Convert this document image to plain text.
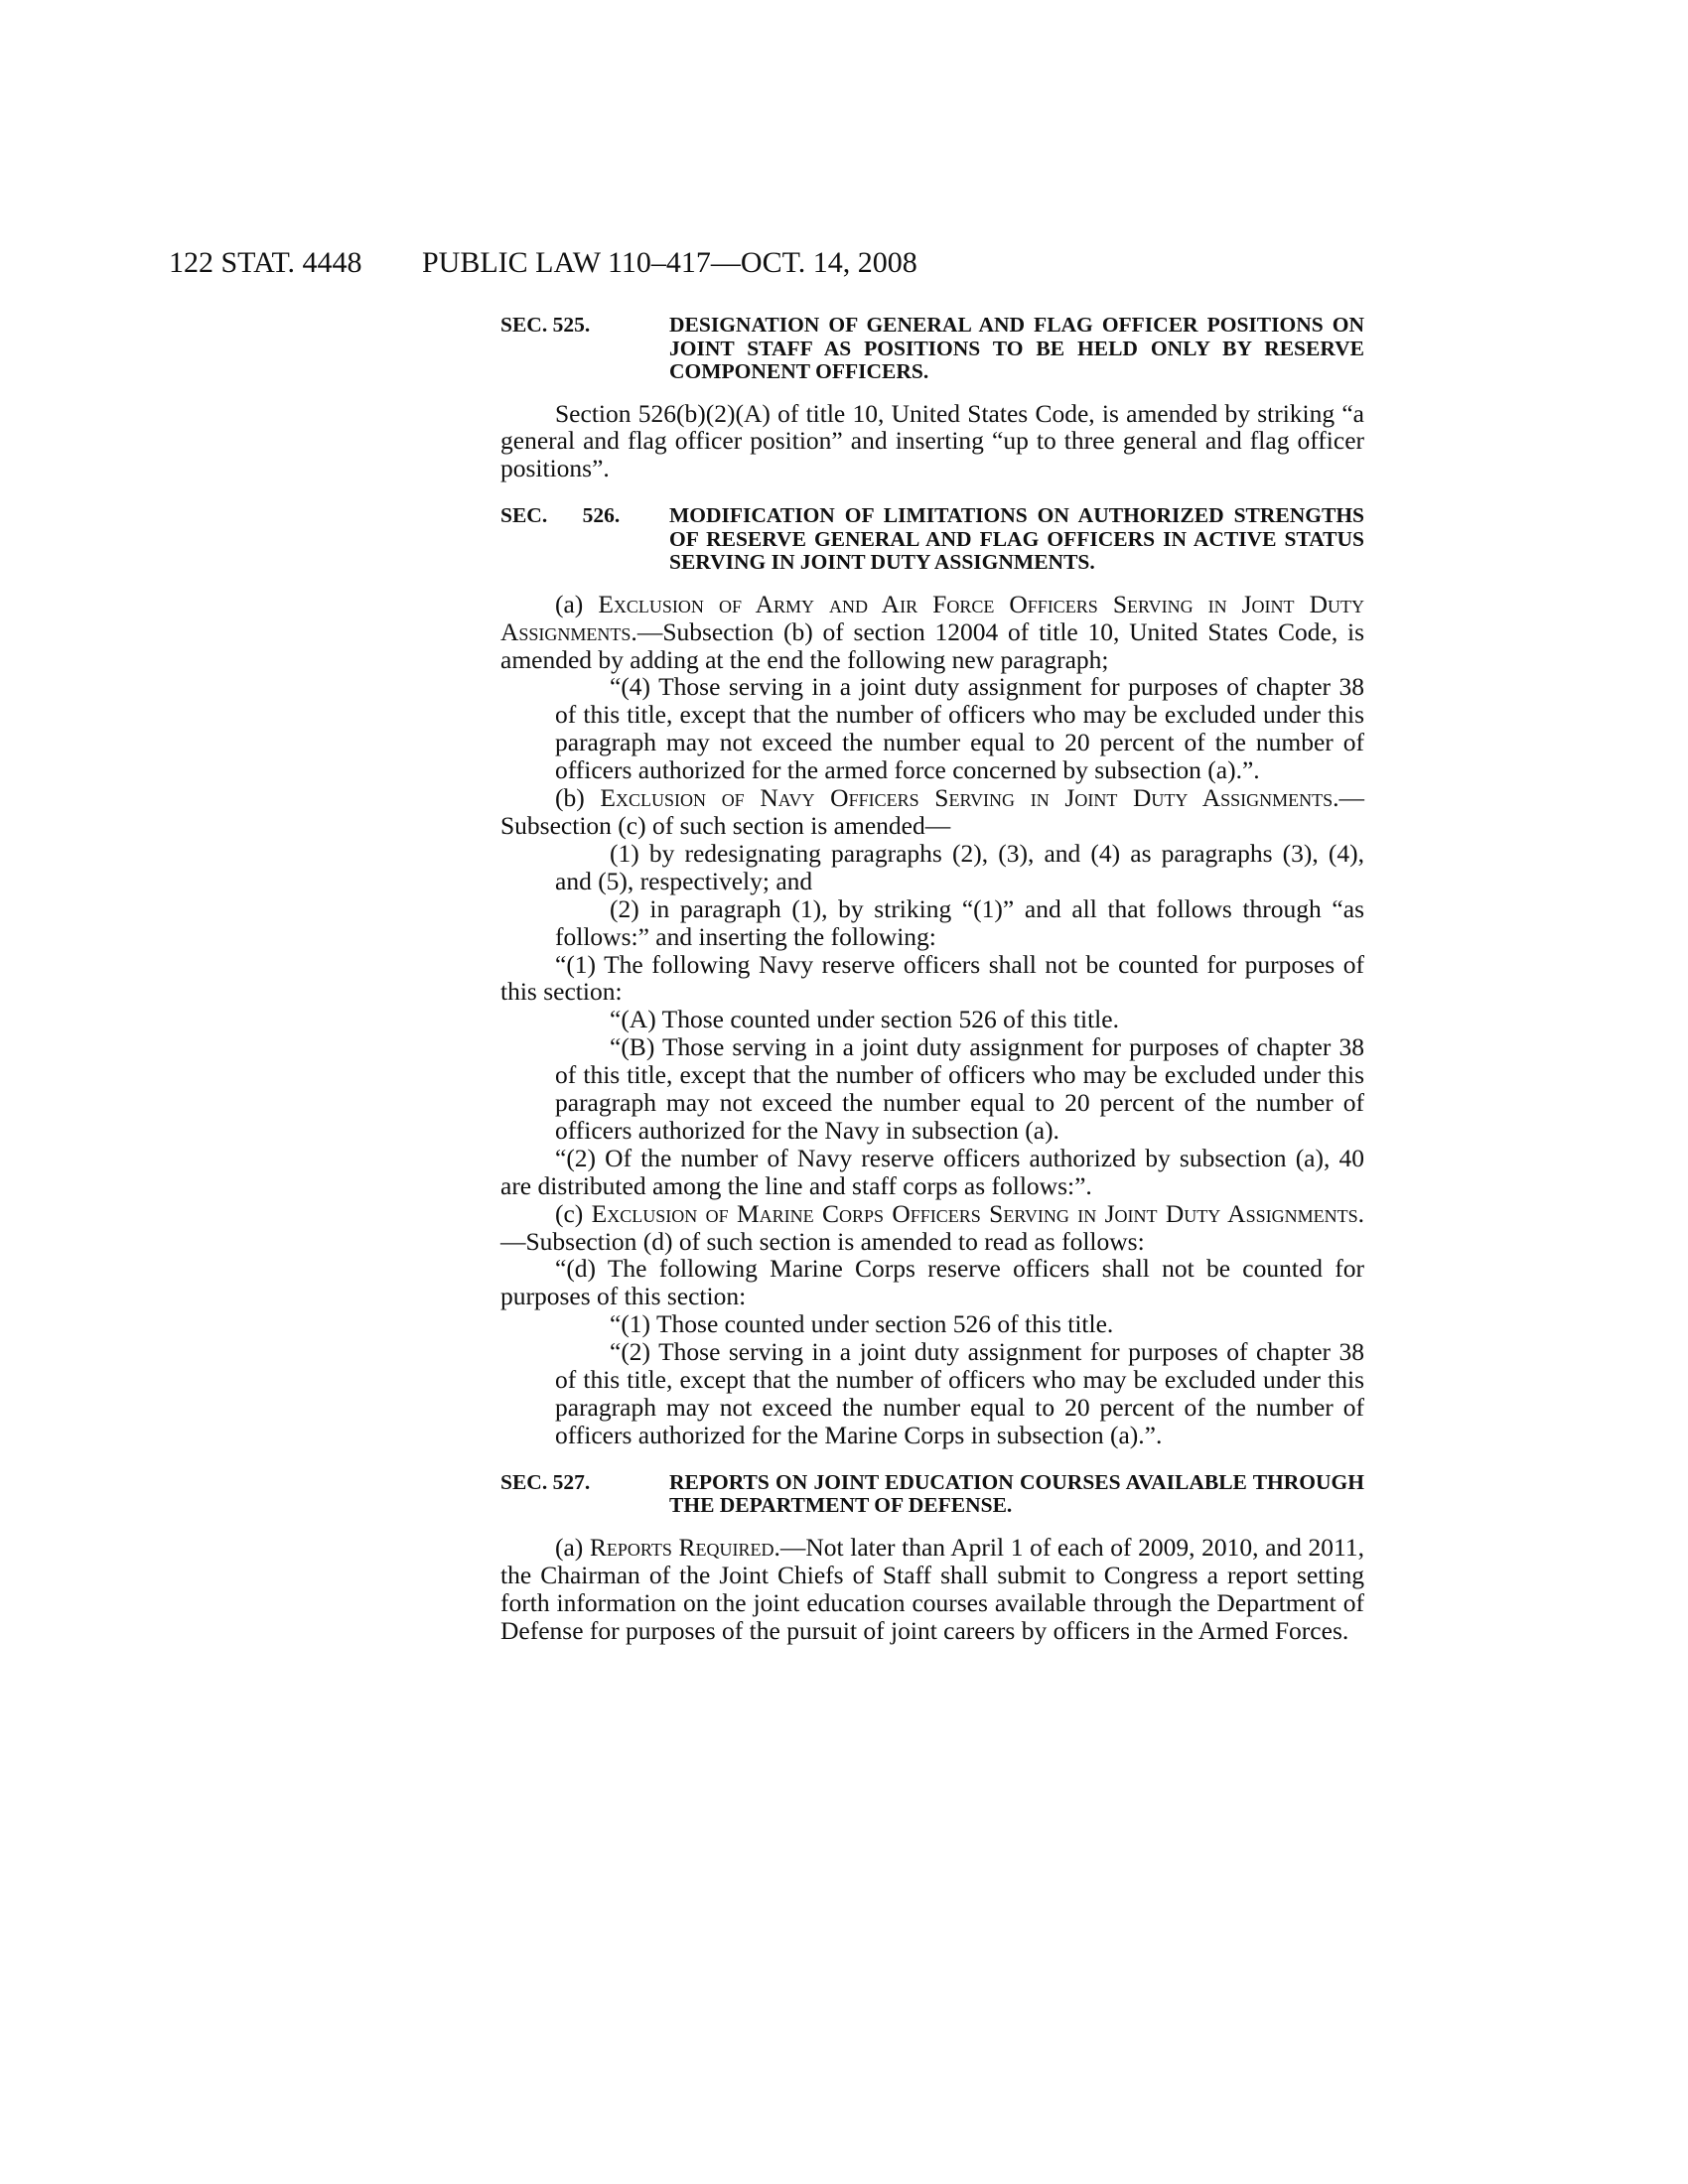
122 STAT. 4448 PUBLIC LAW 110–417—OCT. 14, 2008
SEC. 525.	DESIGNATION OF GENERAL AND FLAG OFFICER POSITIONS ON JOINT STAFF AS POSITIONS TO BE HELD ONLY BY RESERVE COMPONENT OFFICERS.

Section 526(b)(2)(A) of title 10, United States Code, is amended by striking “a general and flag officer position” and inserting “up to three general and flag officer positions”.

SEC. 526. MODIFICATION OF LIMITATIONS ON AUTHORIZED STRENGTHS OF RESERVE GENERAL AND FLAG OFFICERS IN ACTIVE STATUS SERVING IN JOINT DUTY ASSIGNMENTS.

(a) Exclusion of Army and Air Force Officers Serving in Joint Duty Assignments.—Subsection (b) of section 12004 of title 10, United States Code, is amended by adding at the end the following new paragraph;

“(4) Those serving in a joint duty assignment for purposes of chapter 38 of this title, except that the number of officers who may be excluded under this paragraph may not exceed the number equal to 20 percent of the number of officers authorized for the armed force concerned by subsection (a).”.

(b) Exclusion of Navy Officers Serving in Joint Duty Assignments.—Subsection (c) of such section is amended—

(1) by redesignating paragraphs (2), (3), and (4) as paragraphs (3), (4), and (5), respectively; and

(2) in paragraph (1), by striking “(1)” and all that follows through “as follows:” and inserting the following:

“(1) The following Navy reserve officers shall not be counted for purposes of this section:

“(A) Those counted under section 526 of this title.

“(B) Those serving in a joint duty assignment for purposes of chapter 38 of this title, except that the number of officers who may be excluded under this paragraph may not exceed the number equal to 20 percent of the number of officers authorized for the Navy in subsection (a).

“(2) Of the number of Navy reserve officers authorized by subsection (a), 40 are distributed among the line and staff corps as follows:”.

(c) Exclusion of Marine Corps Officers Serving in Joint Duty Assignments.—Subsection (d) of such section is amended to read as follows:

“(d) The following Marine Corps reserve officers shall not be counted for purposes of this section:

“(1) Those counted under section 526 of this title.

“(2) Those serving in a joint duty assignment for purposes of chapter 38 of this title, except that the number of officers who may be excluded under this paragraph may not exceed the number equal to 20 percent of the number of officers authorized for the Marine Corps in subsection (a).”.

SEC. 527.	REPORTS ON JOINT EDUCATION COURSES AVAILABLE THROUGH THE DEPARTMENT OF DEFENSE.

(a) Reports Required.—Not later than April 1 of each of 2009, 2010, and 2011, the Chairman of the Joint Chiefs of Staff shall submit to Congress a report setting forth information on the joint education courses available through the Department of Defense for purposes of the pursuit of joint careers by officers in the Armed Forces.
